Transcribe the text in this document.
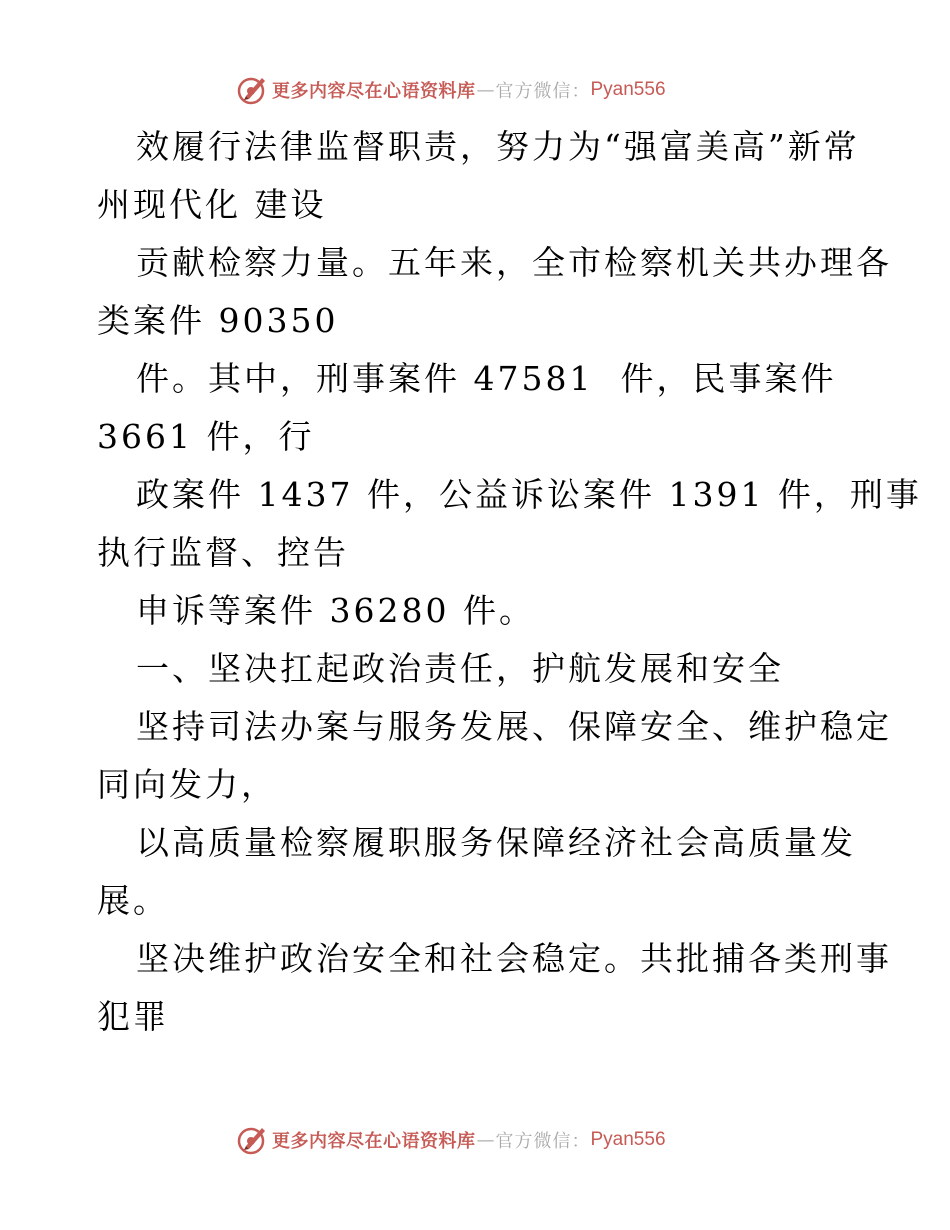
更多内容尽在心语资料库 — 官方微信： Pyan556
效履行法律监督职责，努力为“强富美高”新常
州现代化 建设
贡献检察力量。五年来，全市检察机关共办理各
类案件 90350
件。其中，刑事案件 47581  件，民事案件
3661 件，行
政案件 1437 件，公益诉讼案件 1391 件，刑事
执行监督、控告
申诉等案件 36280 件。
一、坚决扛起政治责任，护航发展和安全
坚持司法办案与服务发展、保障安全、维护稳定
同向发力，
以高质量检察履职服务保障经济社会高质量发
展。
坚决维护政治安全和社会稳定。共批捕各类刑事
犯罪
更多内容尽在心语资料库 — 官方微信： Pyan556
